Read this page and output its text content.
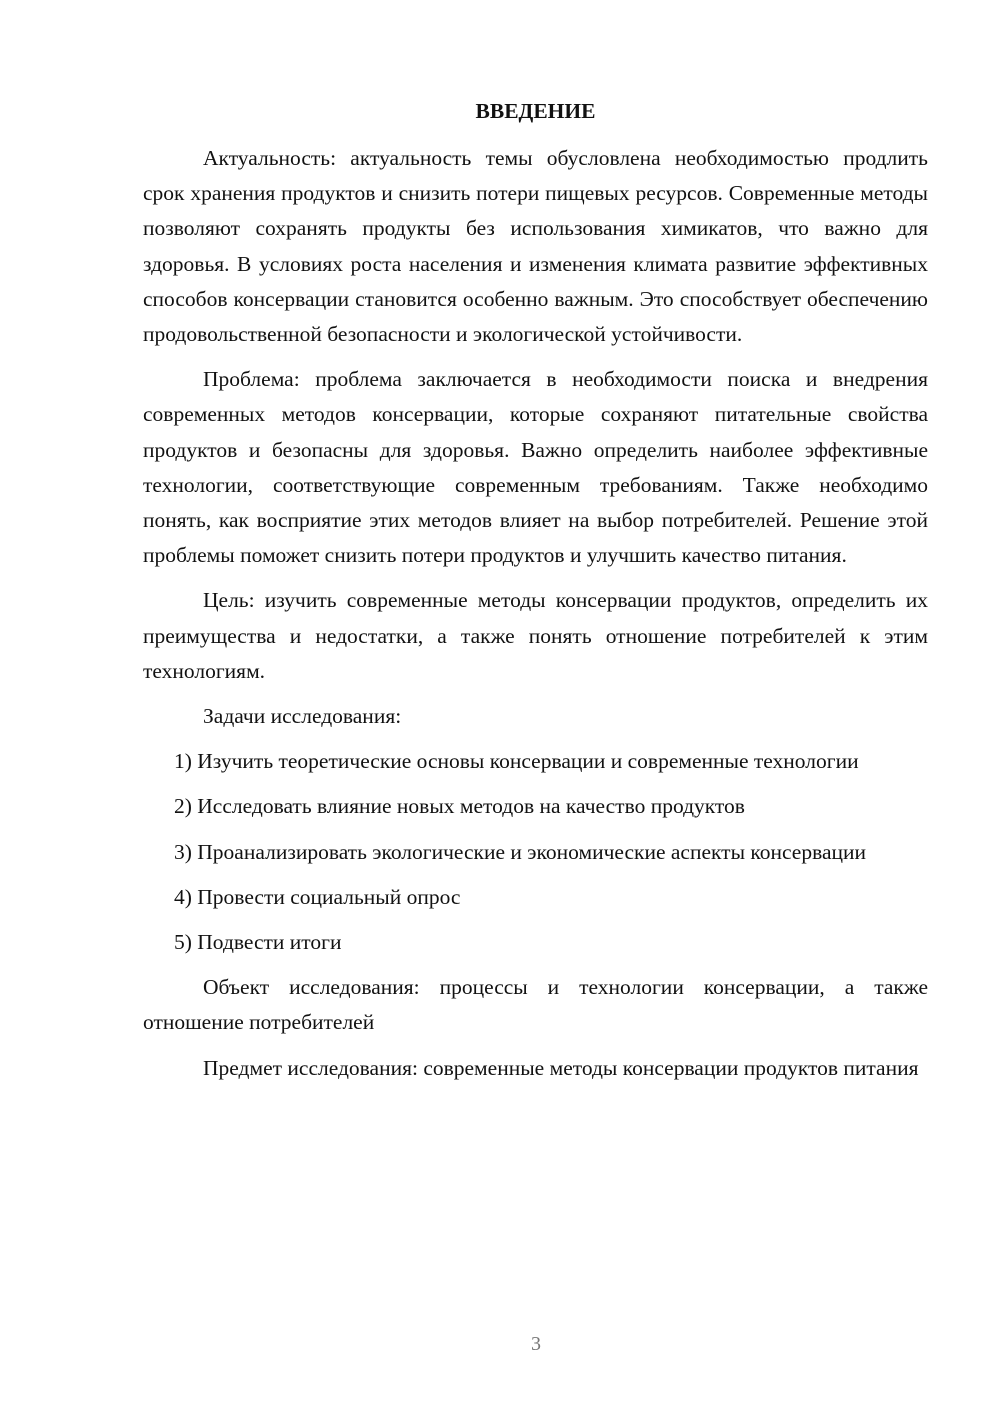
ВВЕДЕНИЕ

Актуальность: актуальность темы обусловлена необходимостью продлить срок хранения продуктов и снизить потери пищевых ресурсов. Современные методы позволяют сохранять продукты без использования химикатов, что важно для здоровья. В условиях роста населения и изменения климата развитие эффективных способов консервации становится особенно важным. Это способствует обеспечению продовольственной безопасности и экологической устойчивости.

Проблема: проблема заключается в необходимости поиска и внедрения современных методов консервации, которые сохраняют питательные свойства продуктов и безопасны для здоровья. Важно определить наиболее эффективные технологии, соответствующие современным требованиям. Также необходимо понять, как восприятие этих методов влияет на выбор потребителей. Решение этой проблемы поможет снизить потери продуктов и улучшить качество питания.

Цель: изучить современные методы консервации продуктов, определить их преимущества и недостатки, а также понять отношение потребителей к этим технологиям.

Задачи исследования:

1) Изучить теоретические основы консервации и современные технологии

2) Исследовать влияние новых методов на качество продуктов

3) Проанализировать экологические и экономические аспекты консервации

4) Провести социальный опрос

5) Подвести итоги

Объект исследования: процессы и технологии консервации, а также отношение потребителей

Предмет исследования: современные методы консервации продуктов питания

3
